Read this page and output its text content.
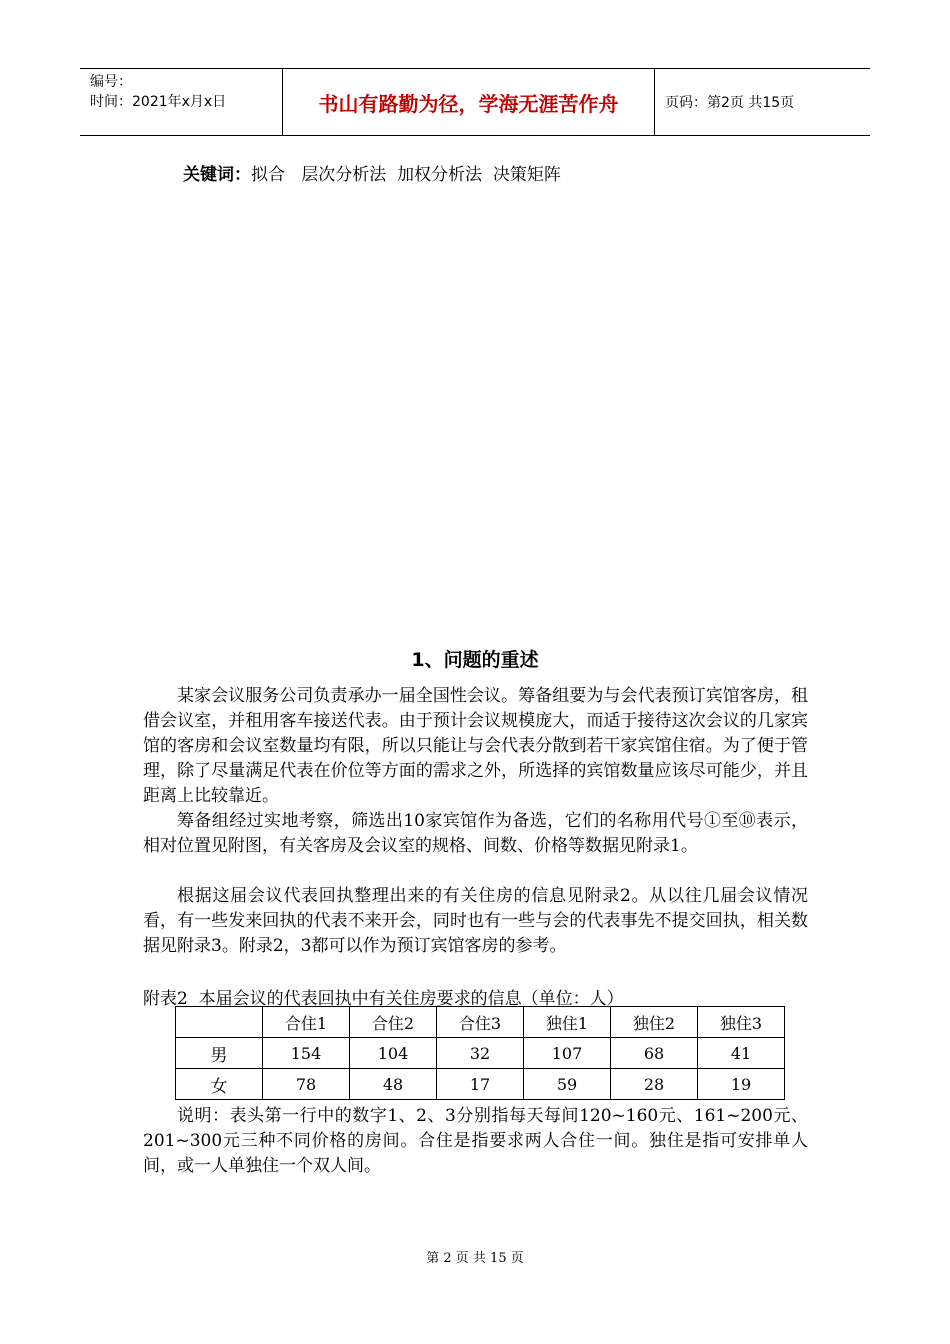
编号：
时间：2021年x月x日	书山有路勤为径，学海无涯苦作舟	页码：第2页 共15页
关键词：拟合   层次分析法  加权分析法  决策矩阵
1、问题的重述

某家会议服务公司负责承办一届全国性会议。筹备组要为与会代表预订宾馆客房，租借会议室，并租用客车接送代表。由于预计会议规模庞大，而适于接待这次会议的几家宾馆的客房和会议室数量均有限，所以只能让与会代表分散到若干家宾馆住宿。为了便于管理，除了尽量满足代表在价位等方面的需求之外，所选择的宾馆数量应该尽可能少，并且距离上比较靠近。

筹备组经过实地考察，筛选出10家宾馆作为备选，它们的名称用代号①至⑩表示，相对位置见附图，有关客房及会议室的规格、间数、价格等数据见附录1。

根据这届会议代表回执整理出来的有关住房的信息见附录2。从以往几届会议情况看，有一些发来回执的代表不来开会，同时也有一些与会的代表事先不提交回执，相关数据见附录3。附录2，3都可以作为预订宾馆客房的参考。

附表2  本届会议的代表回执中有关住房要求的信息（单位：人）
	合住1	合住2	合住3	独住1	独住2	独住3
男	154	104	32	107	68	41
女	78	48	17	59	28	19

说明：表头第一行中的数字1、2、3分别指每天每间120~160元、161~200元、201~300元三种不同价格的房间。合住是指要求两人合住一间。独住是指可安排单人间，或一人单独住一个双人间。

第 2 页 共 15 页
